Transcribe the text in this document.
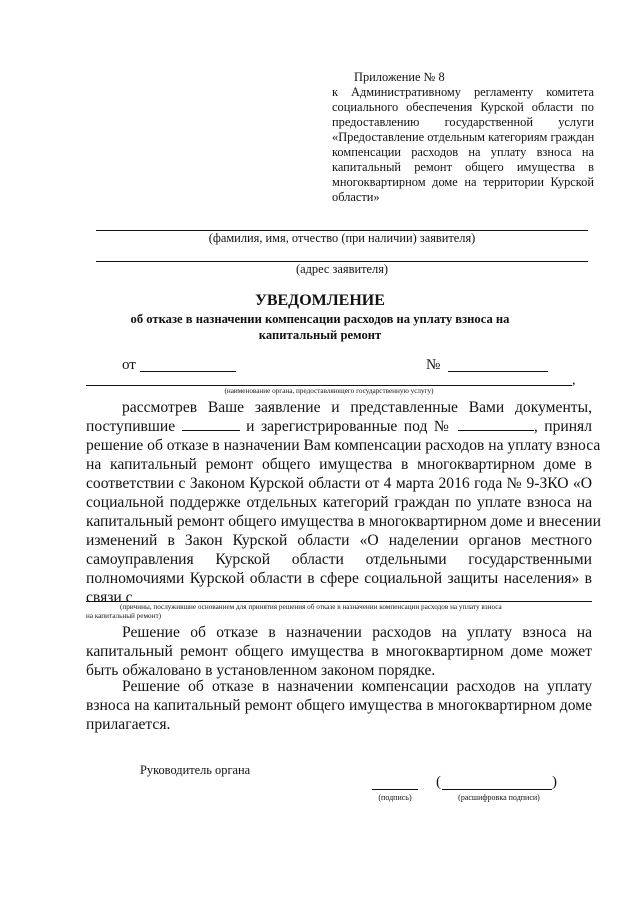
Приложение № 8
к Административному регламенту комитета
социального обеспечения Курской области по
предоставлению государственной услуги
«Предоставление отдельным категориям граждан
компенсации расходов на уплату взноса на
капитальный ремонт общего имущества в
многоквартирном доме на территории Курской
области»
(фамилия, имя, отчество (при наличии) заявителя)
(адрес заявителя)
УВЕДОМЛЕНИЕ
об отказе в назначении компенсации расходов на уплату взноса на
капитальный ремонт
от	№
,
(наименование органа, предоставляющего государственную услугу)
рассмотрев Ваше заявление и представленные Вами документы,
поступившие	и зарегистрированные под №	, принял
решение об отказе в назначении Вам компенсации расходов на уплату взноса
на капитальный ремонт общего имущества в многоквартирном доме в
соответствии с Законом Курской области от 4 марта 2016 года № 9-ЗКО «О
социальной поддержке отдельных категорий граждан по уплате взноса на
капитальный ремонт общего имущества в многоквартирном доме и внесении
изменений в Закон Курской области «О наделении органов местного
самоуправления Курской области отдельными государственными
полномочиями Курской области в сфере социальной защиты населения» в
связи с
(причины, послужившие основанием для принятия решения об отказе в назначении компенсации расходов на уплату взноса
на капитальный ремонт)
Решение об отказе в назначении расходов на уплату взноса на
капитальный ремонт общего имущества в многоквартирном доме может
быть обжаловано в установленном законом порядке.
Решение об отказе в назначении компенсации расходов на уплату
взноса на капитальный ремонт общего имущества в многоквартирном доме
прилагается.
Руководитель органа
(подпись)
(	)
(расшифровка подписи)
